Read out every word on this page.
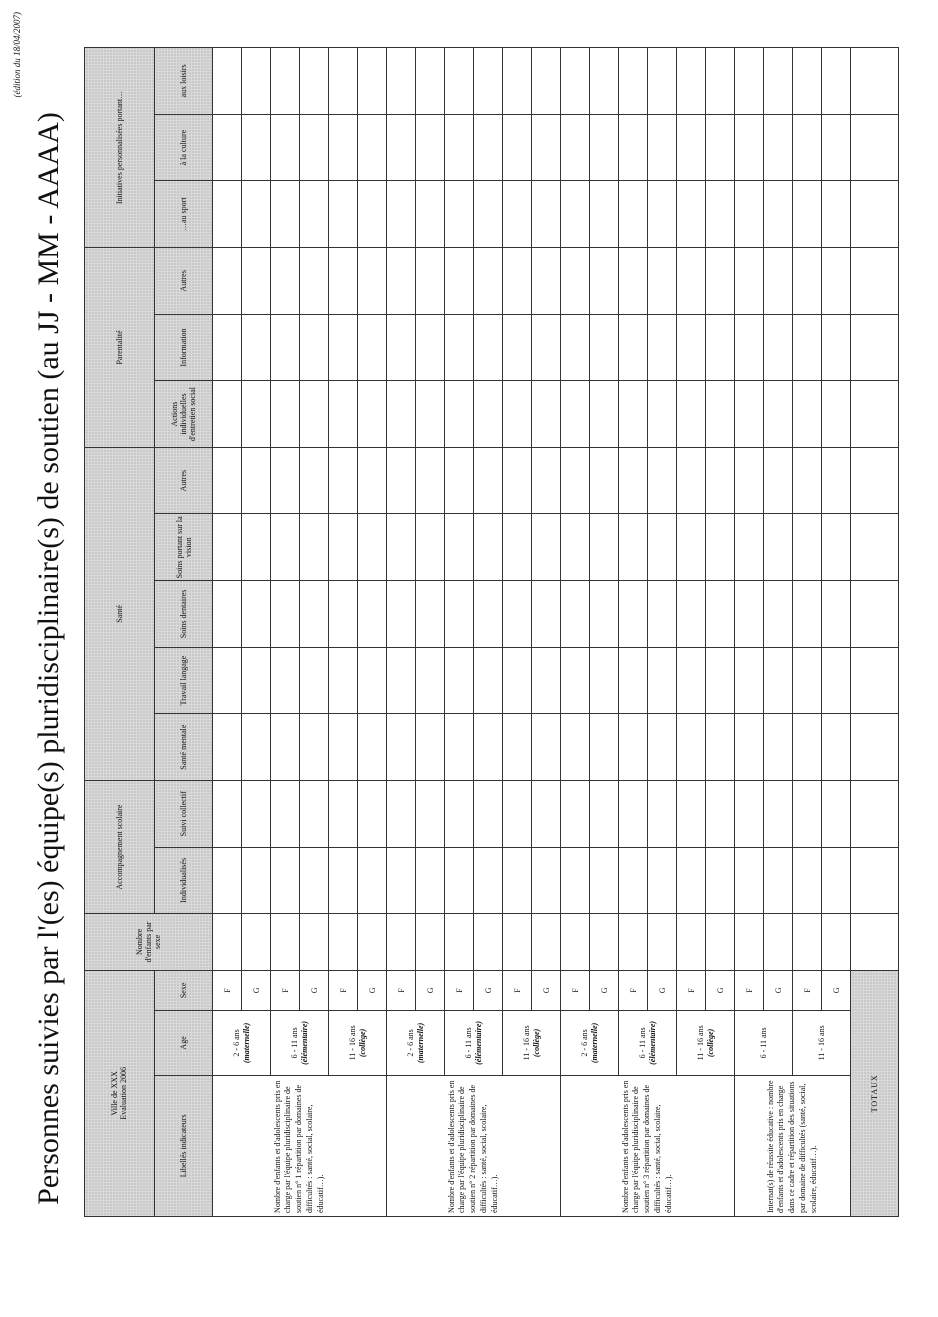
(édition du 18/04/2007)
Personnes suivies par l'(es) équipe(s) pluridisciplinaire(s) de soutien (au JJ - MM - AAAA)	Ville de XXX Evaluation 2006			Nombre d'enfants par sexe	Accompagnement scolaire		Santé					Parentalité			Initiatives personnalisées portant…		
Libellés indicateurs	Age	Sexe		Individualisés	Suivi collectif	Santé mentale	Travail langage	Soins dentaires	Soins portant sur la vision	Autres	Actions individuelles d'entretien social	Information	Autres	…au sport	à la culture	aux loisirs
Nombre d'enfants et d'adolescents pris en charge par l'équipe pluridisciplinaire de soutien n° 1 répartition par domaines de difficultés : santé, social, scolaire, éducatif…).	2 - 6 ans (maternelle)	F														
		G														

	6 - 11 ans (élémentaire)	F														
		G														

	11 - 16 ans (collège)	F														
		G														
Nombre d'enfants et d'adolescents pris en charge par l'équipe pluridisciplinaire de soutien n° 2 répartition par domaines de difficultés : santé, social, scolaire, éducatif…).	2 - 6 ans (maternelle)	F														
		G														

	6 - 11 ans (élémentaire)	F														
		G														

	11 - 16 ans (collège)	F														
		G														
Nombre d'enfants et d'adolescents pris en charge par l'équipe pluridisciplinaire de soutien n° 3 répartition par domaines de difficultés : santé, social, scolaire, éducatif…).	2 - 6 ans (maternelle)	F														
		G														

	6 - 11 ans (élémentaire)	F														
		G														

	11 - 16 ans (collège)	F														
		G														
Internat(s) de réussite éducative : nombre d'enfants et d'adolescents pris en charge dans ce cadre et répartition des situations par domaine de difficultés (santé, social, scolaire, éducatif…).	6 - 11 ans	F														
		G														

	11 - 16 ans	F														
		G														
TOTAUX																
